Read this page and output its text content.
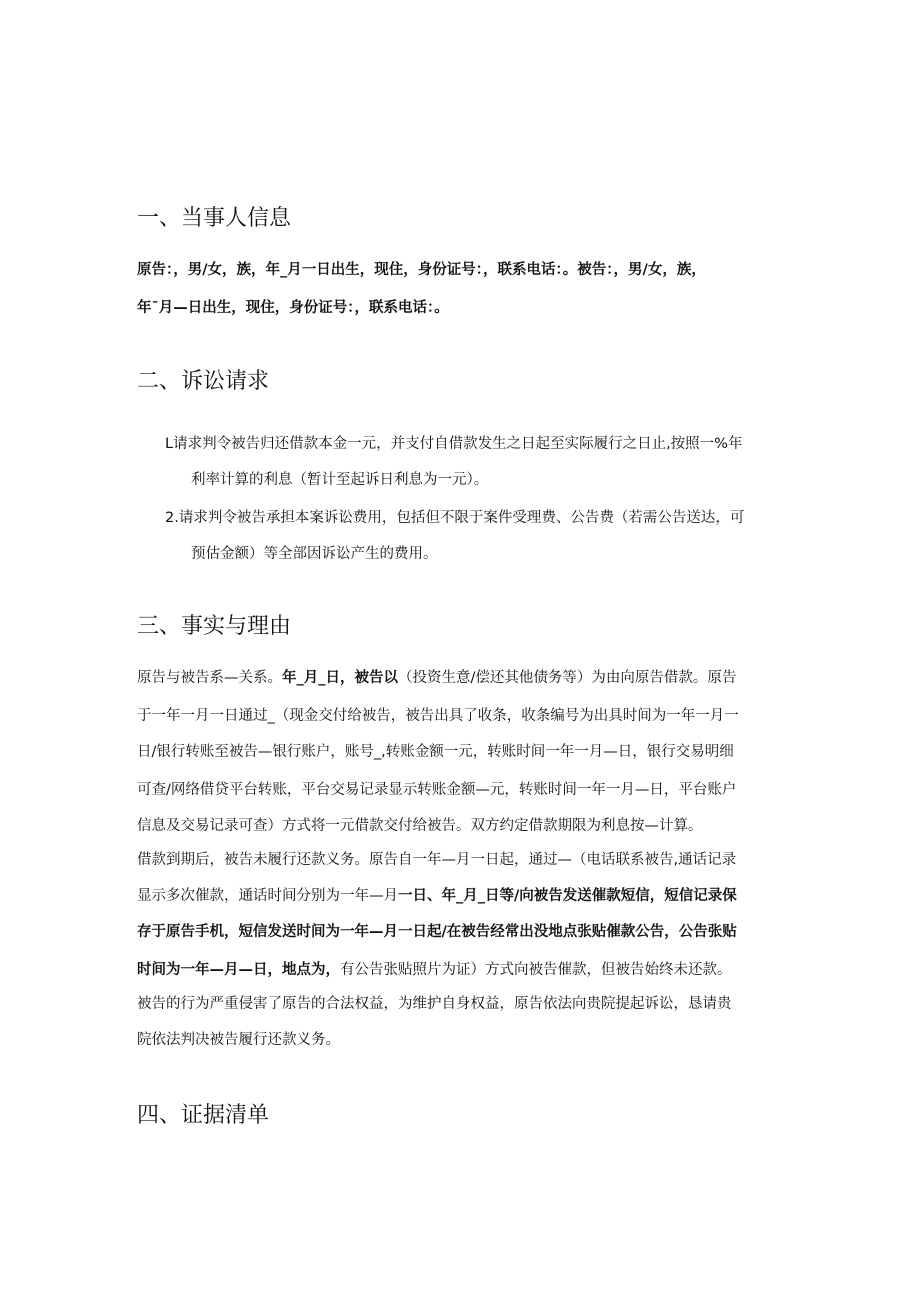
一、当事人信息

原告：，男/女，族，年_月一日出生，现住，身份证号：，联系电话：。被告：，男/女，族，

年¯月—日出生，现住，身份证号：，联系电话：。

二、诉讼请求

L请求判令被告归还借款本金一元，并支付自借款发生之日起至实际履行之日止,按照一%年

利率计算的利息（暂计至起诉日利息为一元）。

2.请求判令被告承担本案诉讼费用，包括但不限于案件受理费、公告费（若需公告送达，可

预估金额）等全部因诉讼产生的费用。

三、事实与理由

原告与被告系—关系。年_月_日，被告以（投资生意/偿还其他债务等）为由向原告借款。原告

于一年一月一日通过_（现金交付给被告，被告出具了收条，收条编号为出具时间为一年一月一

日/银行转账至被告—银行账户，账号_,转账金额一元，转账时间一年一月—日，银行交易明细

可查/网络借贷平台转账，平台交易记录显示转账金额—元，转账时间一年一月—日，平台账户

信息及交易记录可查）方式将一元借款交付给被告。双方约定借款期限为利息按—计算。

借款到期后，被告未履行还款义务。原告自一年—月一日起，通过—（电话联系被告,通话记录

显示多次催款，通话时间分别为一年—月一日、年_月_日等/向被告发送催款短信，短信记录保

存于原告手机，短信发送时间为一年—月一日起/在被告经常出没地点张贴催款公告，公告张贴

时间为一年—月—日，地点为，有公告张贴照片为证）方式向被告催款，但被告始终未还款。

被告的行为严重侵害了原告的合法权益，为维护自身权益，原告依法向贵院提起诉讼，恳请贵

院依法判决被告履行还款义务。

四、证据清单
